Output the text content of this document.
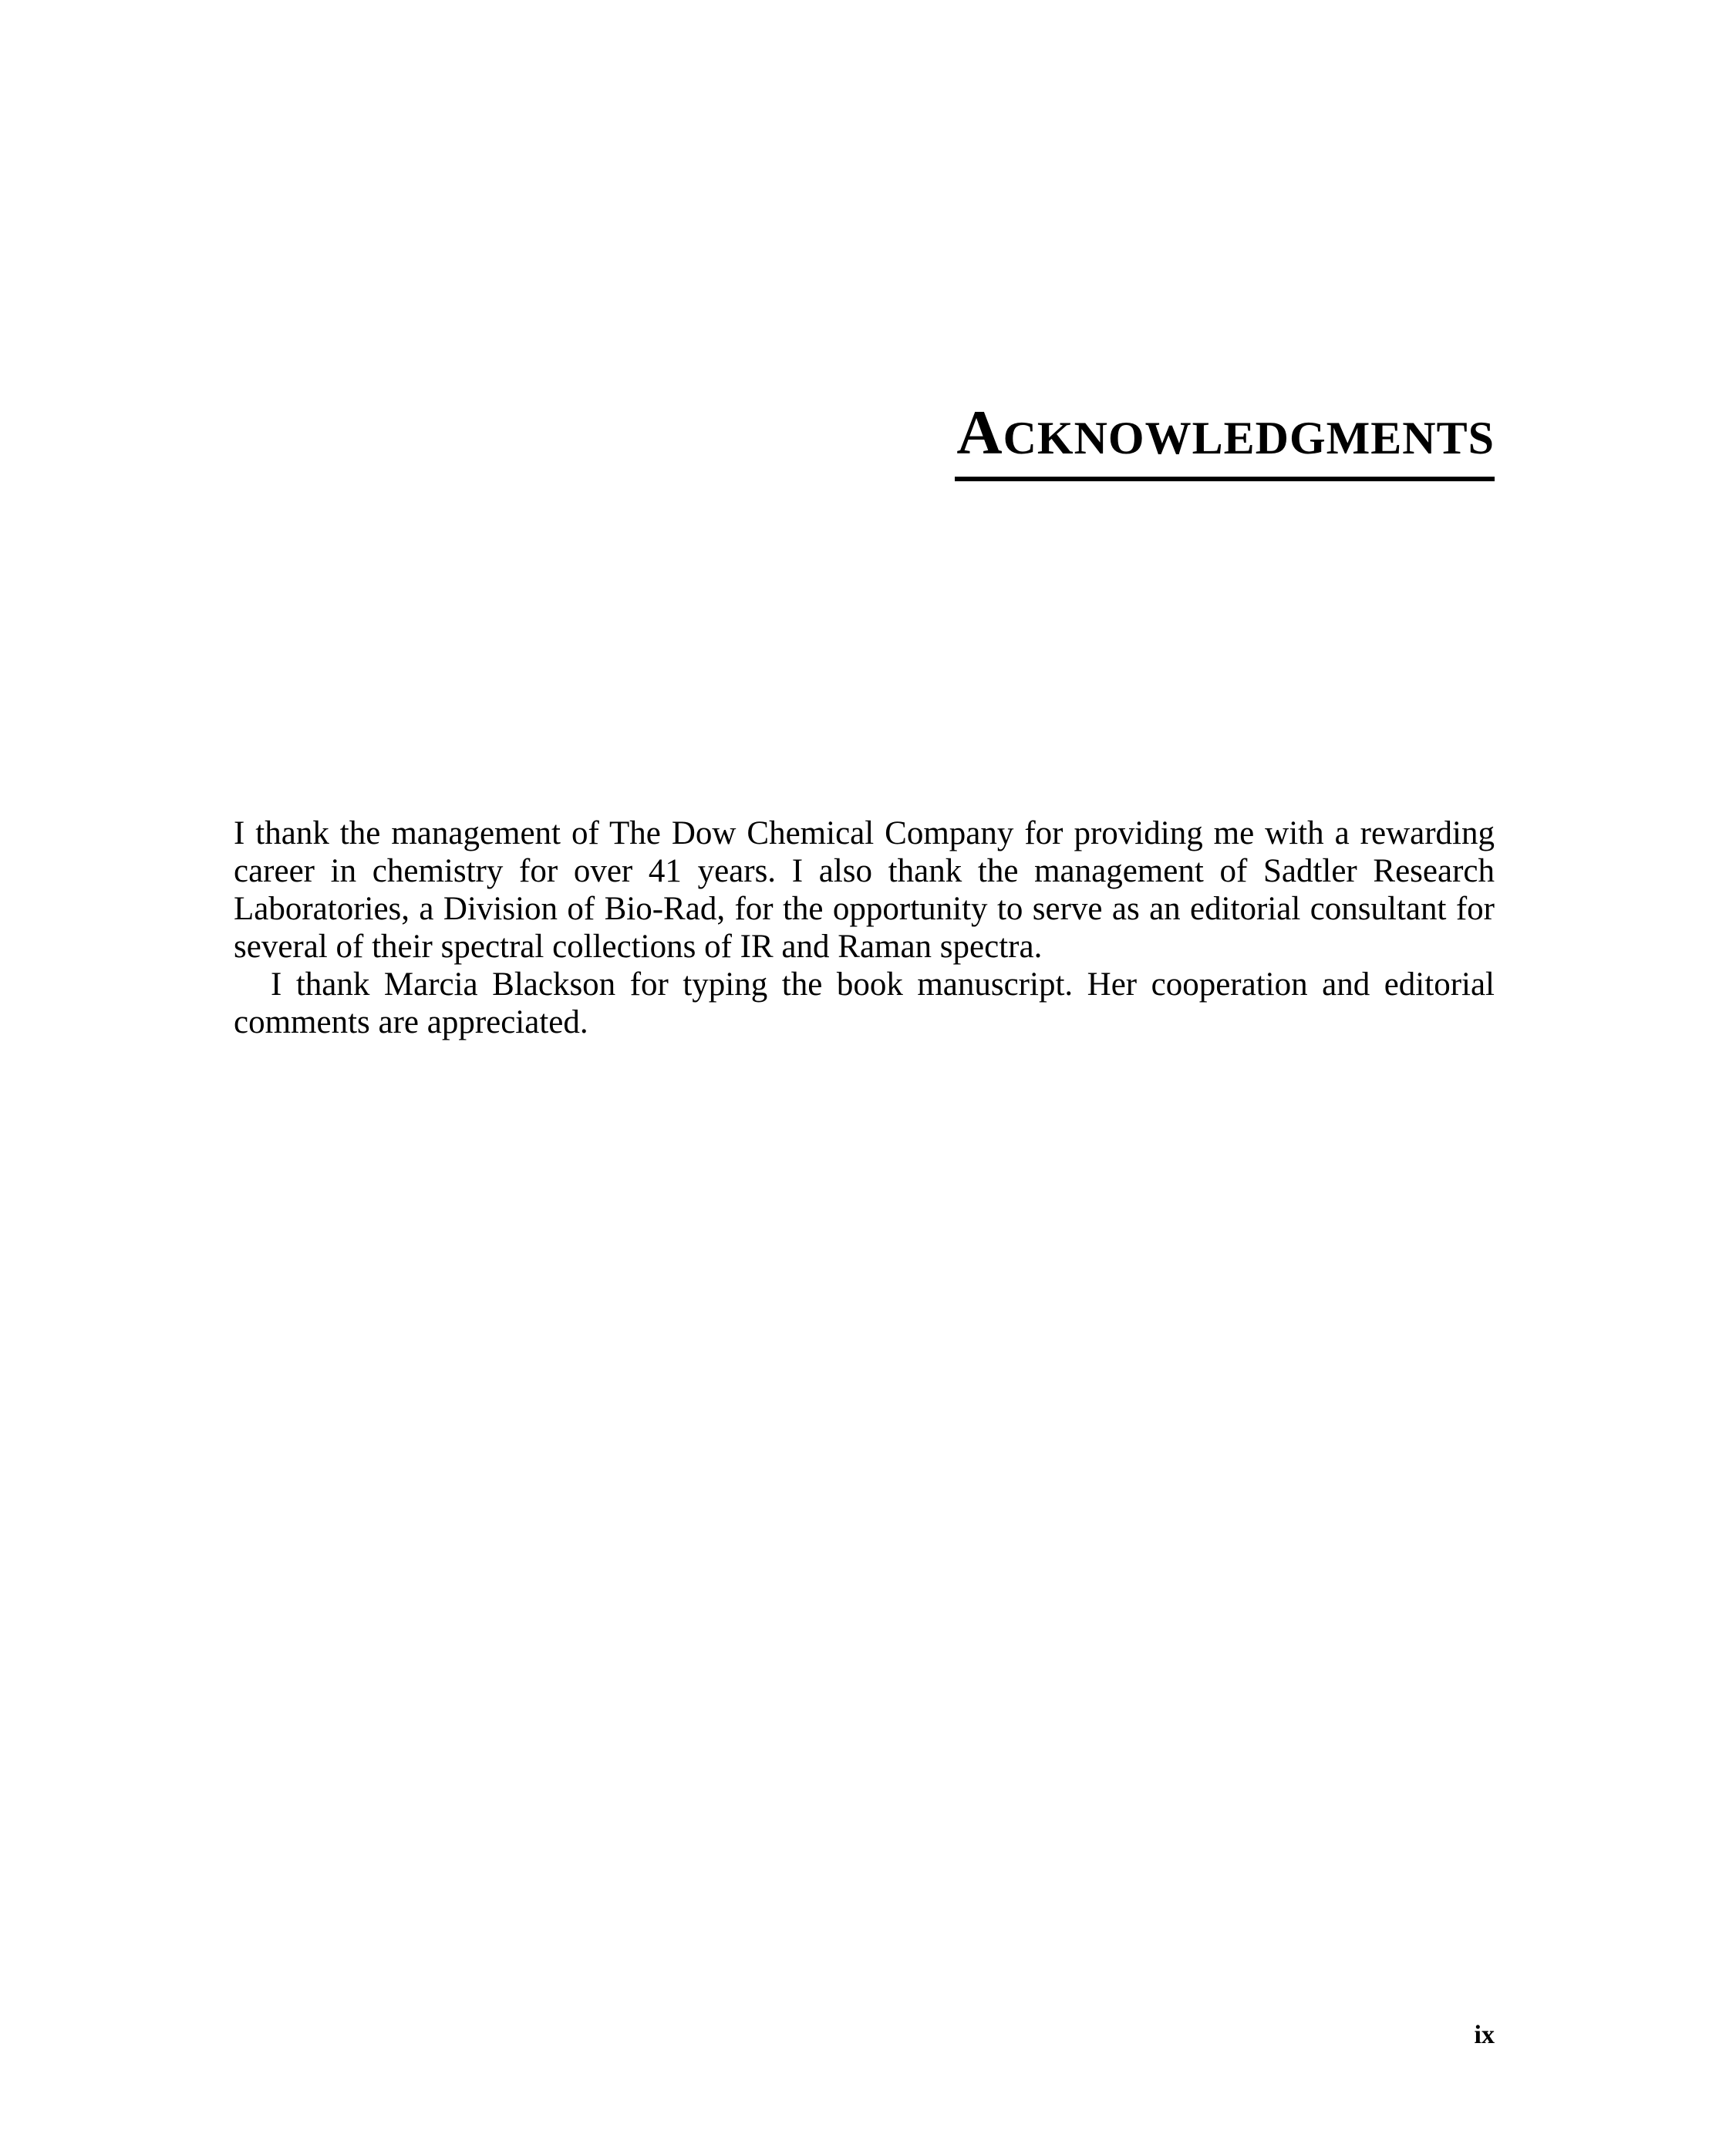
ACKNOWLEDGMENTS

I thank the management of The Dow Chemical Company for providing me with a rewarding career in chemistry for over 41 years. I also thank the management of Sadtler Research Laboratories, a Division of Bio-Rad, for the opportunity to serve as an editorial consultant for several of their spectral collections of IR and Raman spectra.

I thank Marcia Blackson for typing the book manuscript. Her cooperation and editorial comments are appreciated.

ix
